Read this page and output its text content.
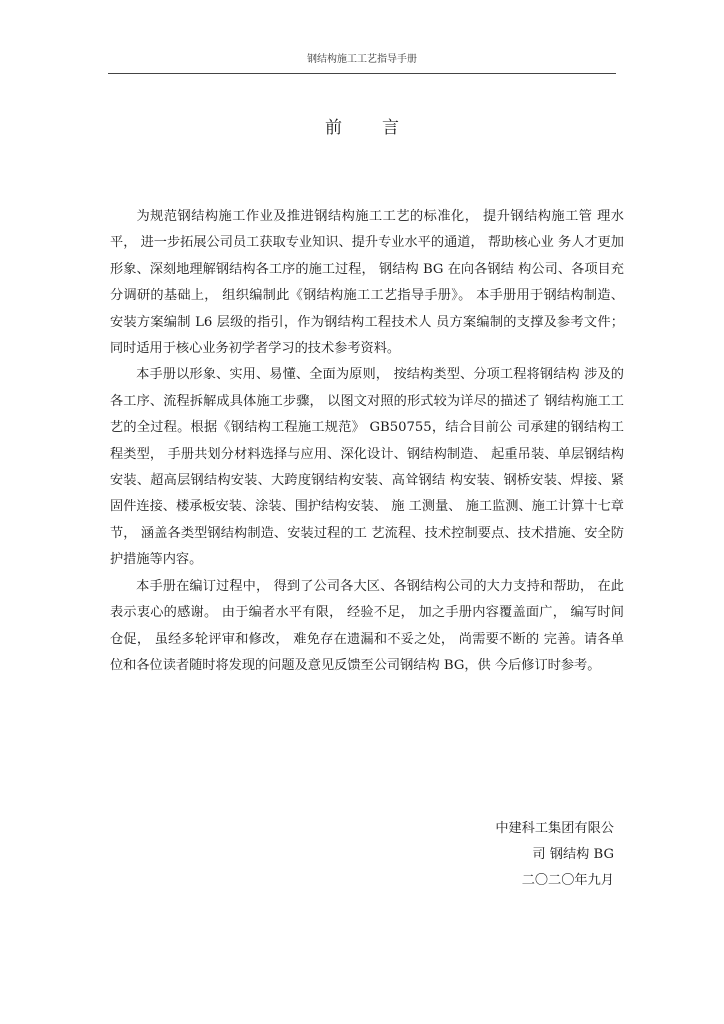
钢结构施工工艺指导手册
前言

为规范钢结构施工作业及推进钢结构施工工艺的标准化， 提升钢结构施工管 理水平， 进一步拓展公司员工获取专业知识、提升专业水平的通道， 帮助核心业 务人才更加形象、深刻地理解钢结构各工序的施工过程， 钢结构 BG 在向各钢结 构公司、各项目充分调研的基础上， 组织编制此《钢结构施工工艺指导手册》。 本手册用于钢结构制造、安装方案编制 L6 层级的指引，作为钢结构工程技术人 员方案编制的支撑及参考文件； 同时适用于核心业务初学者学习的技术参考资料。

本手册以形象、实用、易懂、全面为原则， 按结构类型、分项工程将钢结构 涉及的各工序、流程拆解成具体施工步骤， 以图文对照的形式较为详尽的描述了 钢结构施工工艺的全过程。根据《钢结构工程施工规范》 GB50755，结合目前公 司承建的钢结构工程类型， 手册共划分材料选择与应用、深化设计、钢结构制造、 起重吊装、单层钢结构安装、超高层钢结构安装、大跨度钢结构安装、高耸钢结 构安装、钢桥安装、焊接、紧固件连接、楼承板安装、涂装、围护结构安装、 施 工测量、 施工监测、施工计算十七章节， 涵盖各类型钢结构制造、安装过程的工 艺流程、技术控制要点、技术措施、安全防护措施等内容。

本手册在编订过程中， 得到了公司各大区、各钢结构公司的大力支持和帮助， 在此表示衷心的感谢。 由于编者水平有限， 经验不足， 加之手册内容覆盖面广， 编写时间仓促， 虽经多轮评审和修改， 难免存在遗漏和不妥之处， 尚需要不断的 完善。请各单位和各位读者随时将发现的问题及意见反馈至公司钢结构 BG，供 今后修订时参考。

中建科工集团有限公
司 钢结构 BG
二〇二〇年九月
